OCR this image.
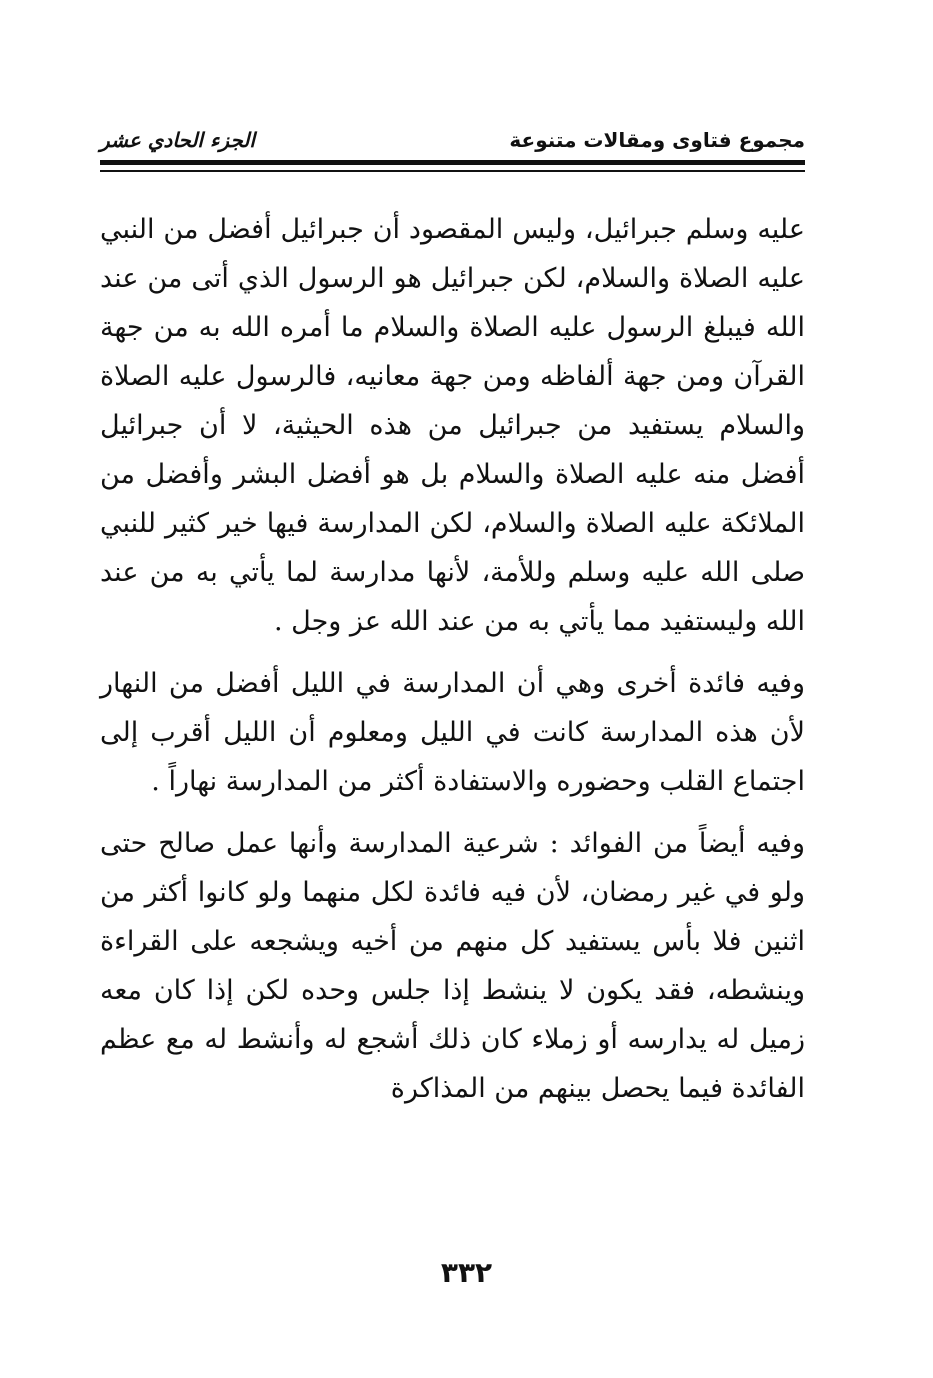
مجموع فتاوى ومقالات متنوعة
الجزء الحادي عشر

عليه وسلم جبرائيل، وليس المقصود أن جبرائيل أفضل من النبي عليه الصلاة والسلام، لكن جبرائيل هو الرسول الذي أتى من عند الله فيبلغ الرسول عليه الصلاة والسلام ما أمره الله به من جهة القرآن ومن جهة ألفاظه ومن جهة معانيه، فالرسول عليه الصلاة والسلام يستفيد من جبرائيل من هذه الحيثية، لا أن جبرائيل أفضل منه عليه الصلاة والسلام بل هو أفضل البشر وأفضل من الملائكة عليه الصلاة والسلام، لكن المدارسة فيها خير كثير للنبي صلى الله عليه وسلم وللأمة، لأنها مدارسة لما يأتي به من عند الله وليستفيد مما يأتي به من عند الله عز وجل .

وفيه فائدة أخرى وهي أن المدارسة في الليل أفضل من النهار لأن هذه المدارسة كانت في الليل ومعلوم أن الليل أقرب إلى اجتماع القلب وحضوره والاستفادة أكثر من المدارسة نهاراً .

وفيه أيضاً من الفوائد : شرعية المدارسة وأنها عمل صالح حتى ولو في غير رمضان، لأن فيه فائدة لكل منهما ولو كانوا أكثر من اثنين فلا بأس يستفيد كل منهم من أخيه ويشجعه على القراءة وينشطه، فقد يكون لا ينشط إذا جلس وحده لكن إذا كان معه زميل له يدارسه أو زملاء كان ذلك أشجع له وأنشط له مع عظم الفائدة فيما يحصل بينهم من المذاكرة

٣٣٢
